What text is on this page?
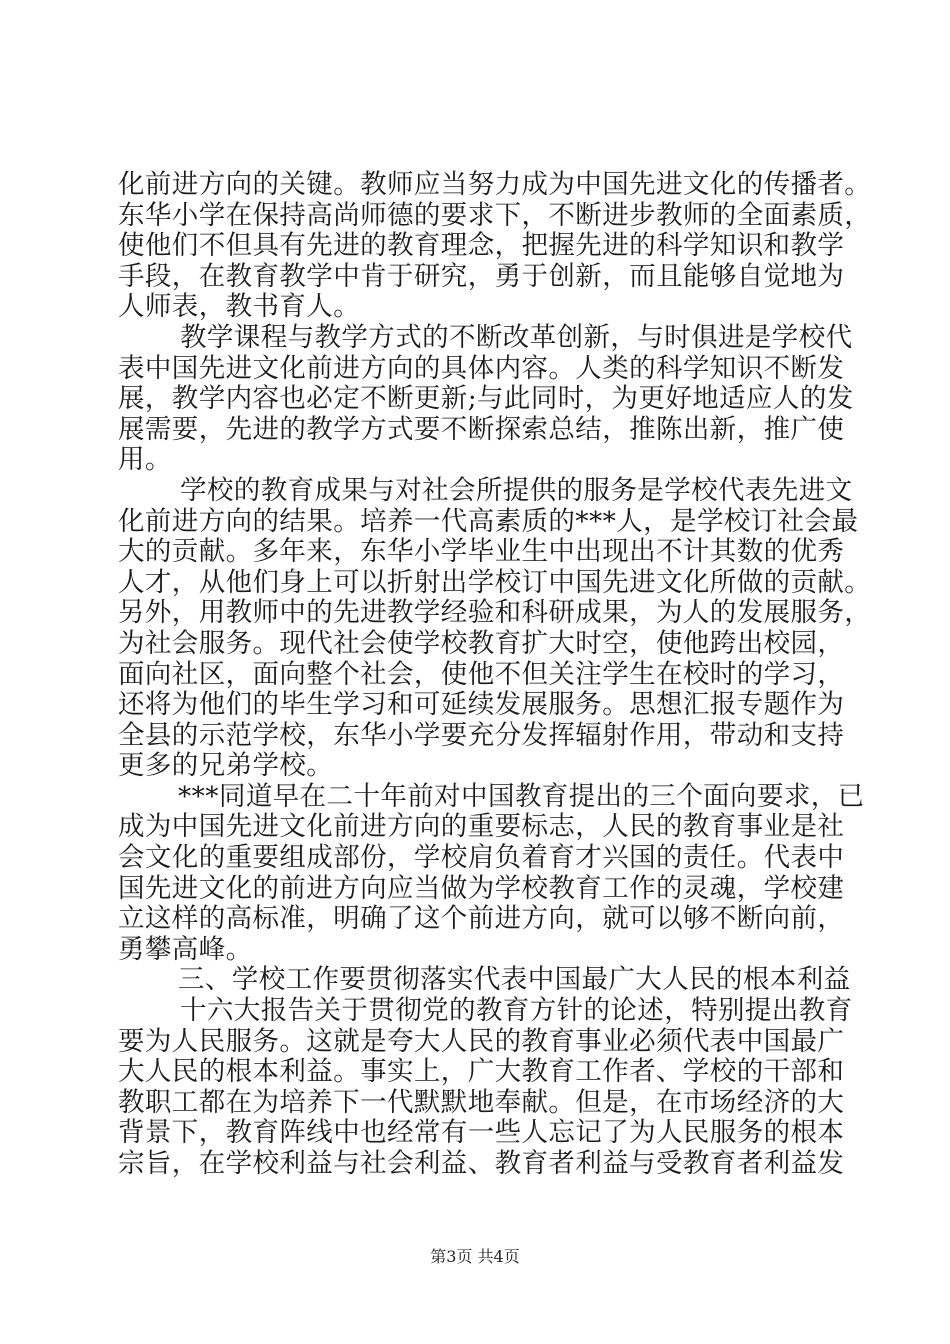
化前进方向的关键。教师应当努力成为中国先进文化的传播者。
东华小学在保持高尚师德的要求下，不断进步教师的全面素质，
使他们不但具有先进的教育理念，把握先进的科学知识和教学
手段，在教育教学中肯于研究，勇于创新，而且能够自觉地为
人师表，教书育人。
教学课程与教学方式的不断改革创新，与时俱进是学校代
表中国先进文化前进方向的具体内容。人类的科学知识不断发
展，教学内容也必定不断更新;与此同时，为更好地适应人的发
展需要，先进的教学方式要不断探索总结，推陈出新，推广使
用。
学校的教育成果与对社会所提供的服务是学校代表先进文
化前进方向的结果。培养一代高素质的***人，是学校订社会最
大的贡献。多年来，东华小学毕业生中出现出不计其数的优秀
人才，从他们身上可以折射出学校订中国先进文化所做的贡献。
另外，用教师中的先进教学经验和科研成果，为人的发展服务，
为社会服务。现代社会使学校教育扩大时空，使他跨出校园，
面向社区，面向整个社会，使他不但关注学生在校时的学习，
还将为他们的毕生学习和可延续发展服务。思想汇报专题作为
全县的示范学校，东华小学要充分发挥辐射作用，带动和支持
更多的兄弟学校。
***同道早在二十年前对中国教育提出的三个面向要求，已
成为中国先进文化前进方向的重要标志，人民的教育事业是社
会文化的重要组成部份，学校肩负着育才兴国的责任。代表中
国先进文化的前进方向应当做为学校教育工作的灵魂，学校建
立这样的高标准，明确了这个前进方向，就可以够不断向前，
勇攀高峰。
三、学校工作要贯彻落实代表中国最广大人民的根本利益
十六大报告关于贯彻党的教育方针的论述，特别提出教育
要为人民服务。这就是夸大人民的教育事业必须代表中国最广
大人民的根本利益。事实上，广大教育工作者、学校的干部和
教职工都在为培养下一代默默地奉献。但是，在市场经济的大
背景下，教育阵线中也经常有一些人忘记了为人民服务的根本
宗旨，在学校利益与社会利益、教育者利益与受教育者利益发
第3页 共4页
